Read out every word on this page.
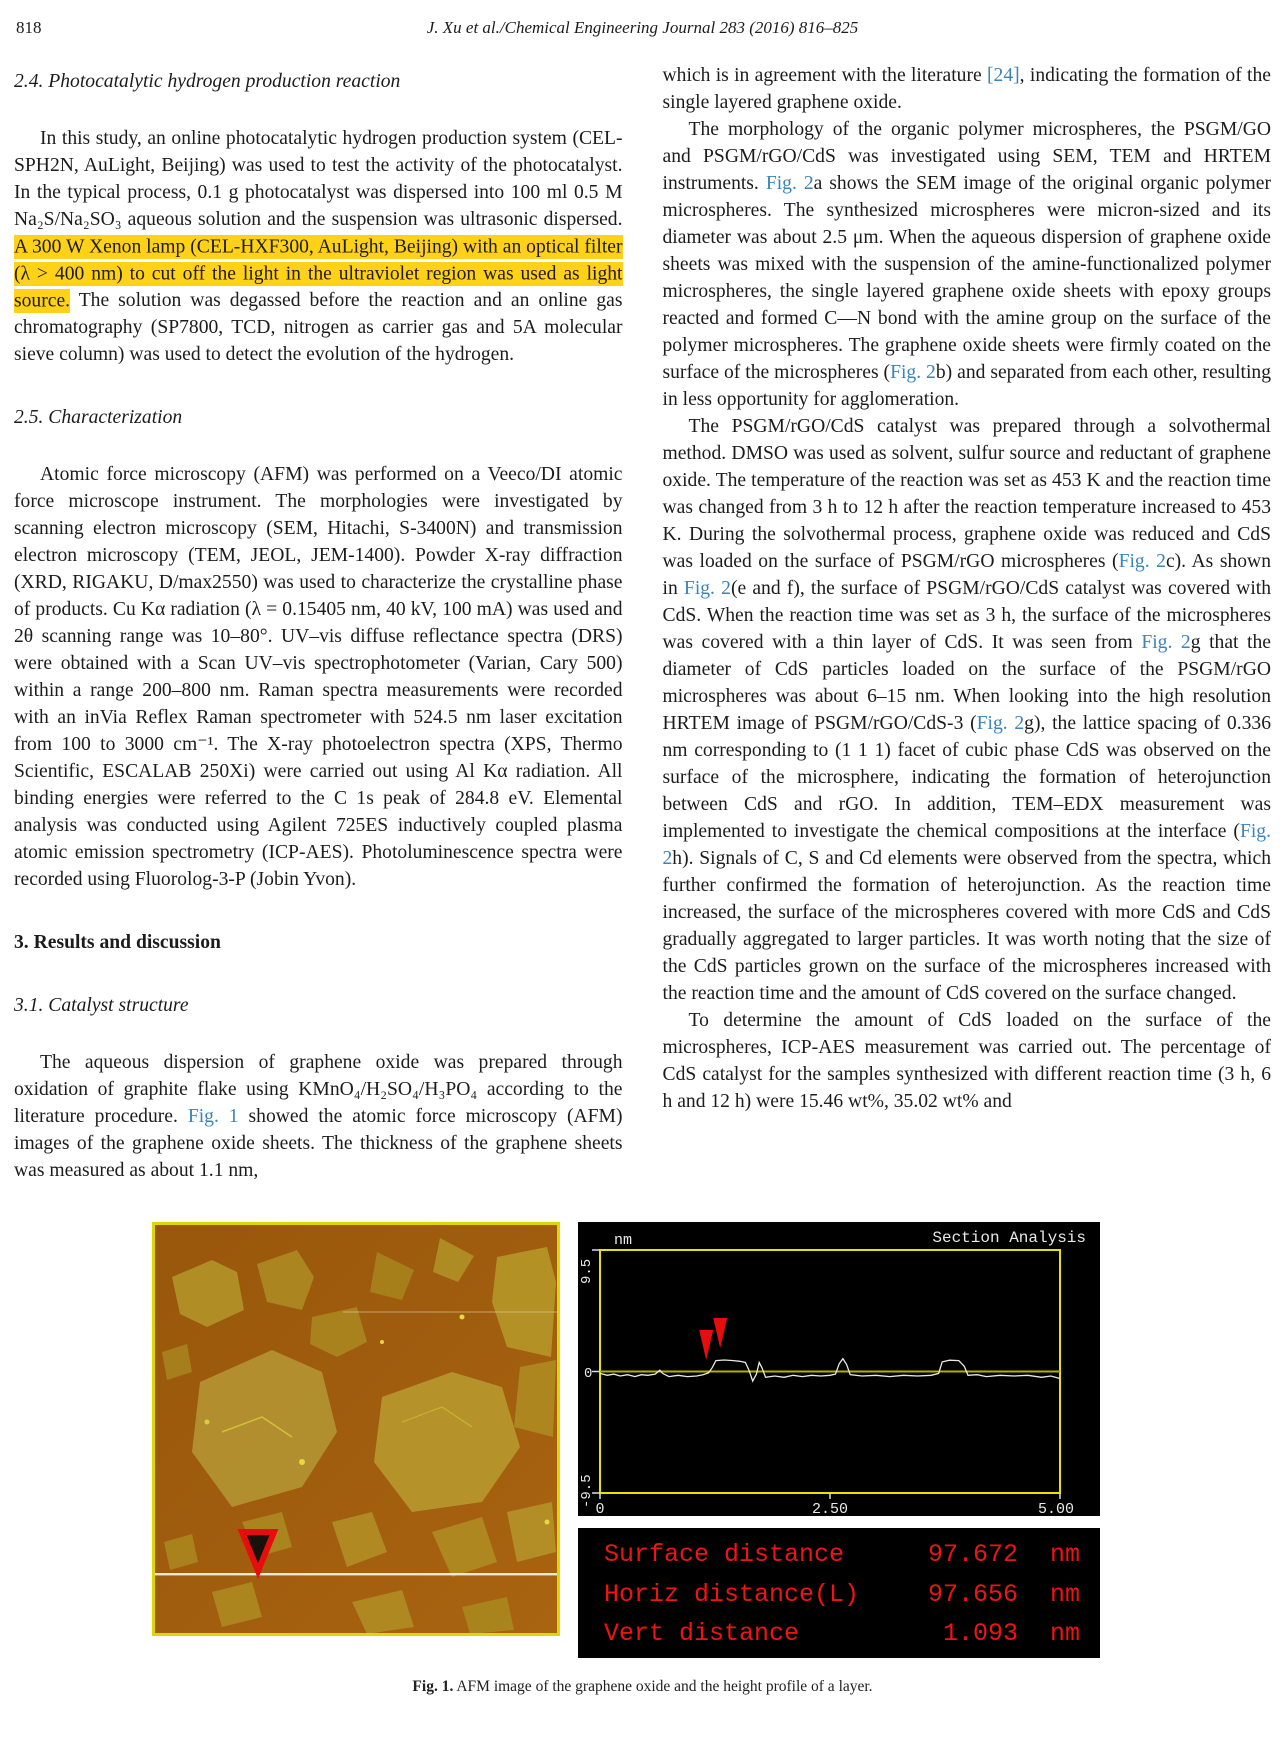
818	J. Xu et al./Chemical Engineering Journal 283 (2016) 816–825
2.4. Photocatalytic hydrogen production reaction
In this study, an online photocatalytic hydrogen production system (CEL-SPH2N, AuLight, Beijing) was used to test the activity of the photocatalyst. In the typical process, 0.1 g photocatalyst was dispersed into 100 ml 0.5 M Na₂S/Na₂SO₃ aqueous solution and the suspension was ultrasonic dispersed. A 300 W Xenon lamp (CEL-HXF300, AuLight, Beijing) with an optical filter (λ > 400 nm) to cut off the light in the ultraviolet region was used as light source. The solution was degassed before the reaction and an online gas chromatography (SP7800, TCD, nitrogen as carrier gas and 5A molecular sieve column) was used to detect the evolution of the hydrogen.
2.5. Characterization
Atomic force microscopy (AFM) was performed on a Veeco/DI atomic force microscope instrument. The morphologies were investigated by scanning electron microscopy (SEM, Hitachi, S-3400N) and transmission electron microscopy (TEM, JEOL, JEM-1400). Powder X-ray diffraction (XRD, RIGAKU, D/max2550) was used to characterize the crystalline phase of products. Cu Kα radiation (λ = 0.15405 nm, 40 kV, 100 mA) was used and 2θ scanning range was 10–80°. UV–vis diffuse reflectance spectra (DRS) were obtained with a Scan UV–vis spectrophotometer (Varian, Cary 500) within a range 200–800 nm. Raman spectra measurements were recorded with an inVia Reflex Raman spectrometer with 524.5 nm laser excitation from 100 to 3000 cm⁻¹. The X-ray photoelectron spectra (XPS, Thermo Scientific, ESCALAB 250Xi) were carried out using Al Kα radiation. All binding energies were referred to the C 1s peak of 284.8 eV. Elemental analysis was conducted using Agilent 725ES inductively coupled plasma atomic emission spectrometry (ICP-AES). Photoluminescence spectra were recorded using Fluorolog-3-P (Jobin Yvon).
3. Results and discussion
3.1. Catalyst structure
The aqueous dispersion of graphene oxide was prepared through oxidation of graphite flake using KMnO₄/H₂SO₄/H₃PO₄ according to the literature procedure. Fig. 1 showed the atomic force microscopy (AFM) images of the graphene oxide sheets. The thickness of the graphene sheets was measured as about 1.1 nm,
which is in agreement with the literature [24], indicating the formation of the single layered graphene oxide.
The morphology of the organic polymer microspheres, the PSGM/GO and PSGM/rGO/CdS was investigated using SEM, TEM and HRTEM instruments. Fig. 2a shows the SEM image of the original organic polymer microspheres. The synthesized microspheres were micron-sized and its diameter was about 2.5 μm. When the aqueous dispersion of graphene oxide sheets was mixed with the suspension of the amine-functionalized polymer microspheres, the single layered graphene oxide sheets with epoxy groups reacted and formed C—N bond with the amine group on the surface of the polymer microspheres. The graphene oxide sheets were firmly coated on the surface of the microspheres (Fig. 2b) and separated from each other, resulting in less opportunity for agglomeration.
The PSGM/rGO/CdS catalyst was prepared through a solvothermal method. DMSO was used as solvent, sulfur source and reductant of graphene oxide. The temperature of the reaction was set as 453 K and the reaction time was changed from 3 h to 12 h after the reaction temperature increased to 453 K. During the solvothermal process, graphene oxide was reduced and CdS was loaded on the surface of PSGM/rGO microspheres (Fig. 2c). As shown in Fig. 2(e and f), the surface of PSGM/rGO/CdS catalyst was covered with CdS. When the reaction time was set as 3 h, the surface of the microspheres was covered with a thin layer of CdS. It was seen from Fig. 2g that the diameter of CdS particles loaded on the surface of the PSGM/rGO microspheres was about 6–15 nm. When looking into the high resolution HRTEM image of PSGM/rGO/CdS-3 (Fig. 2g), the lattice spacing of 0.336 nm corresponding to (1 1 1) facet of cubic phase CdS was observed on the surface of the microsphere, indicating the formation of heterojunction between CdS and rGO. In addition, TEM–EDX measurement was implemented to investigate the chemical compositions at the interface (Fig. 2h). Signals of C, S and Cd elements were observed from the spectra, which further confirmed the formation of heterojunction. As the reaction time increased, the surface of the microspheres covered with more CdS and CdS gradually aggregated to larger particles. It was worth noting that the size of the CdS particles grown on the surface of the microspheres increased with the reaction time and the amount of CdS covered on the surface changed.
To determine the amount of CdS loaded on the surface of the microspheres, ICP-AES measurement was carried out. The percentage of CdS catalyst for the samples synthesized with different reaction time (3 h, 6 h and 12 h) were 15.46 wt%, 35.02 wt% and
nm	Section Analysis
9.5
0
-9.5
0	2.50	5.00
Surface distance	97.672	nm
Horiz distance(L)	97.656	nm
Vert distance	1.093	nm
Fig. 1. AFM image of the graphene oxide and the height profile of a layer.
